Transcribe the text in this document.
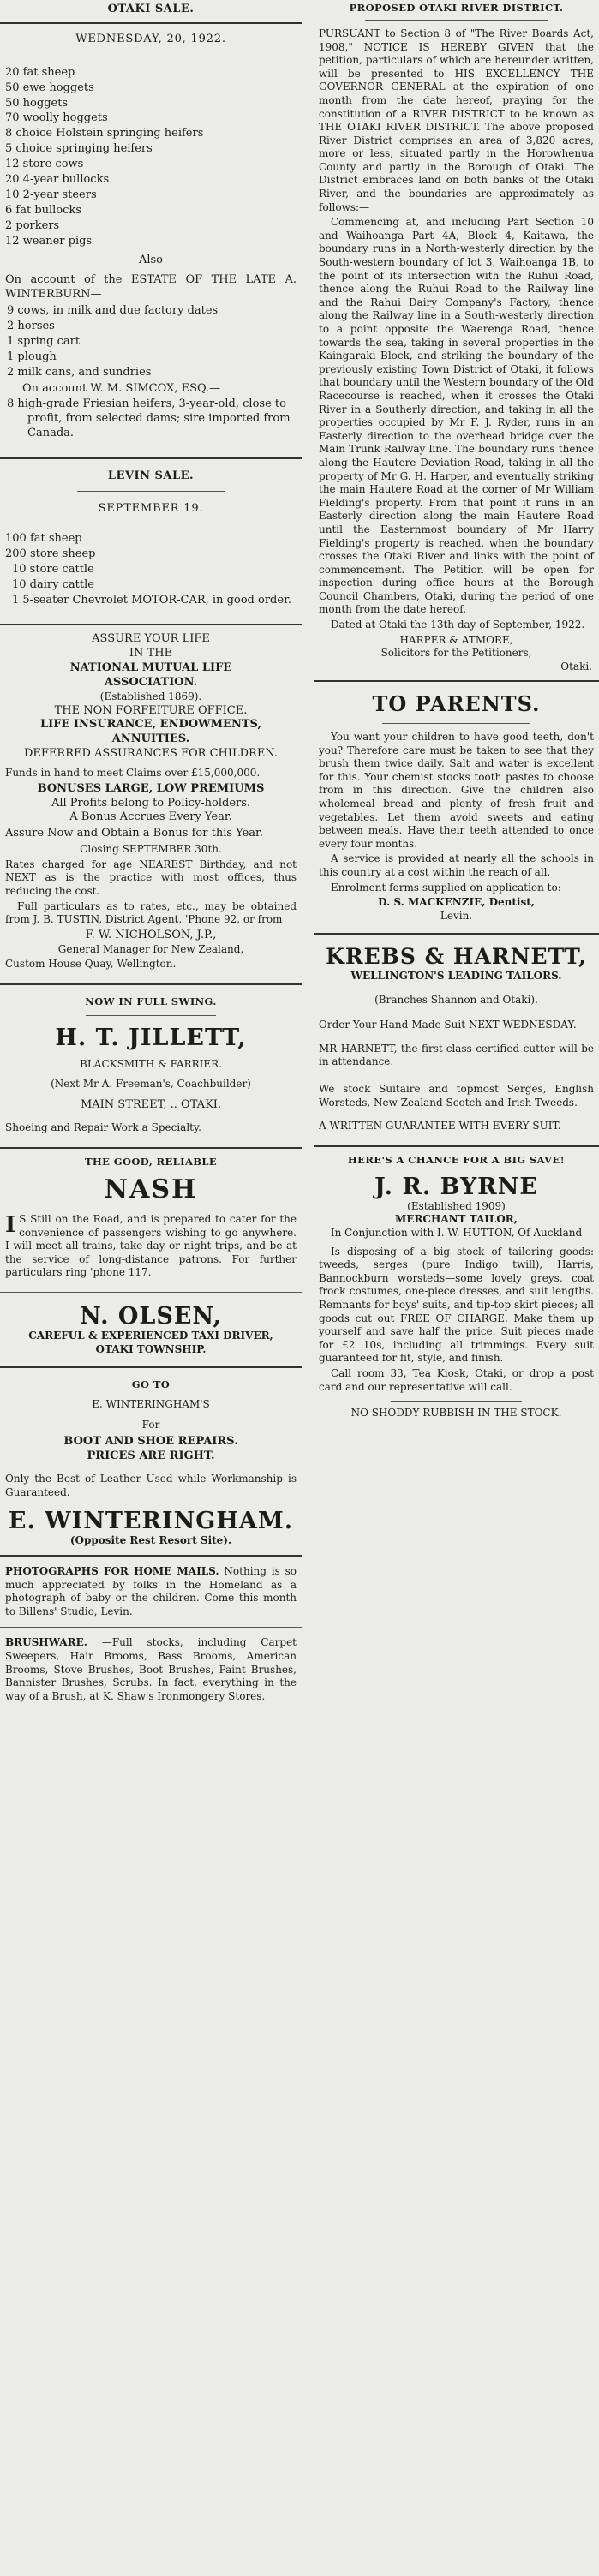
OTAKI SALE.
WEDNESDAY, 20, 1922.
20 fat sheep
50 ewe hoggets
50 hoggets
70 woolly hoggets
8 choice Holstein springing heifers
5 choice springing heifers
12 store cows
20 4-year bullocks
10 2-year steers
6 fat bullocks
2 porkers
12 weaner pigs
—Also—
On account of the ESTATE OF THE LATE A. WINTERBURN—
9 cows, in milk and due factory dates
2 horses
1 spring cart
1 plough
2 milk cans, and sundries
On account W. M. SIMCOX, ESQ.—
8 high-grade Friesian heifers, 3-year-old, close to profit, from selected dams; sire imported from Canada.
LEVIN SALE.
SEPTEMBER 19.
100 fat sheep
200 store sheep
10 store cattle
10 dairy cattle
1 5-seater Chevrolet MOTOR-CAR, in good order.
ASSURE YOUR LIFE
IN THE
NATIONAL MUTUAL LIFE
ASSOCIATION.
(Established 1869).
THE NON FORFEITURE OFFICE.
LIFE INSURANCE, ENDOWMENTS, ANNUITIES.
DEFERRED ASSURANCES FOR CHILDREN.
Funds in hand to meet Claims over £15,000,000.
BONUSES LARGE, LOW PREMIUMS
All Profits belong to Policy-holders.
A Bonus Accrues Every Year.
Assure Now and Obtain a Bonus for this Year.
Closing SEPTEMBER 30th.
Rates charged for age NEAREST Birthday, and not NEXT as is the practice with most offices, thus reducing the cost.
Full particulars as to rates, etc., may be obtained from J. B. TUSTIN, District Agent, 'Phone 92, or from
F. W. NICHOLSON, J.P.,
General Manager for New Zealand,
Custom House Quay, Wellington.
NOW IN FULL SWING.
H. T. JILLETT,
BLACKSMITH & FARRIER.
(Next Mr A. Freeman's, Coachbuilder)
MAIN STREET, .. OTAKI.
Shoeing and Repair Work a Specialty.
THE GOOD, RELIABLE
NASH
I S Still on the Road, and is prepared to cater for the convenience of passengers wishing to go anywhere. I will meet all trains, take day or night trips, and be at the service of long-distance patrons. For further particulars ring 'phone 117.
N. OLSEN,
CAREFUL & EXPERIENCED TAXI DRIVER,
OTAKI TOWNSHIP.
GO TO
E. WINTERINGHAM'S
For
BOOT AND SHOE REPAIRS.
PRICES ARE RIGHT.
Only the Best of Leather Used while Workmanship is Guaranteed.
E. WINTERINGHAM.
(Opposite Rest Resort Site).
PHOTOGRAPHS FOR HOME MAILS. Nothing is so much appreciated by folks in the Homeland as a photograph of baby or the children. Come this month to Billens' Studio, Levin.
BRUSHWARE. —Full stocks, including Carpet Sweepers, Hair Brooms, Bass Brooms, American Brooms, Stove Brushes, Boot Brushes, Paint Brushes, Bannister Brushes, Scrubs. In fact, everything in the way of a Brush, at K. Shaw's Ironmongery Stores.
PROPOSED OTAKI RIVER DISTRICT.
PURSUANT to Section 8 of "The River Boards Act, 1908," NOTICE IS HEREBY GIVEN that the petition, particulars of which are hereunder written, will be presented to HIS EXCELLENCY THE GOVERNOR GENERAL at the expiration of one month from the date hereof, praying for the constitution of a RIVER DISTRICT to be known as THE OTAKI RIVER DISTRICT. The above proposed River District comprises an area of 3,820 acres, more or less, situated partly in the Horowhenua County and partly in the Borough of Otaki. The District embraces land on both banks of the Otaki River, and the boundaries are approximately as follows:—
Commencing at, and including Part Section 10 and Waihoanga Part 4A, Block 4, Kaitawa, the boundary runs in a North-westerly direction by the South-western boundary of lot 3, Waihoanga 1B, to the point of its intersection with the Ruhui Road, thence along the Ruhui Road to the Railway line and the Rahui Dairy Company's Factory, thence along the Railway line in a South-westerly direction to a point opposite the Waerenga Road, thence towards the sea, taking in several properties in the Kaingaraki Block, and striking the boundary of the previously existing Town District of Otaki, it follows that boundary until the Western boundary of the Old Racecourse is reached, when it crosses the Otaki River in a Southerly direction, and taking in all the properties occupied by Mr F. J. Ryder, runs in an Easterly direction to the overhead bridge over the Main Trunk Railway line. The boundary runs thence along the Hautere Deviation Road, taking in all the property of Mr G. H. Harper, and eventually striking the main Hautere Road at the corner of Mr William Fielding's property. From that point it runs in an Easterly direction along the main Hautere Road until the Easternmost boundary of Mr Harry Fielding's property is reached, when the boundary crosses the Otaki River and links with the point of commencement. The Petition will be open for inspection during office hours at the Borough Council Chambers, Otaki, during the period of one month from the date hereof.
Dated at Otaki the 13th day of September, 1922.
HARPER & ATMORE,
Solicitors for the Petitioners,
Otaki.
TO PARENTS.
You want your children to have good teeth, don't you? Therefore care must be taken to see that they brush them twice daily. Salt and water is excellent for this. Your chemist stocks tooth pastes to choose from in this direction. Give the children also wholemeal bread and plenty of fresh fruit and vegetables. Let them avoid sweets and eating between meals. Have their teeth attended to once every four months.
A service is provided at nearly all the schools in this country at a cost within the reach of all.
Enrolment forms supplied on application to:—
D. S. MACKENZIE, Dentist,
Levin.
KREBS & HARNETT,
WELLINGTON'S LEADING TAILORS.
(Branches Shannon and Otaki).
Order Your Hand-Made Suit NEXT WEDNESDAY.
MR HARNETT, the first-class certified cutter will be in attendance.
We stock Suitaire and topmost Serges, English Worsteds, New Zealand Scotch and Irish Tweeds.
A WRITTEN GUARANTEE WITH EVERY SUIT.
HERE'S A CHANCE FOR A BIG SAVE!
J. R. BYRNE
(Established 1909)
MERCHANT TAILOR,
In Conjunction with I. W. HUTTON, Of Auckland
Is disposing of a big stock of tailoring goods: tweeds, serges (pure Indigo twill), Harris, Bannockburn worsteds—some lovely greys, coat frock costumes, one-piece dresses, and suit lengths. Remnants for boys' suits, and tip-top skirt pieces; all goods cut out FREE OF CHARGE. Make them up yourself and save half the price. Suit pieces made for £2 10s, including all trimmings. Every suit guaranteed for fit, style, and finish.
Call room 33, Tea Kiosk, Otaki, or drop a post card and our representative will call.
NO SHODDY RUBBISH IN THE STOCK.
